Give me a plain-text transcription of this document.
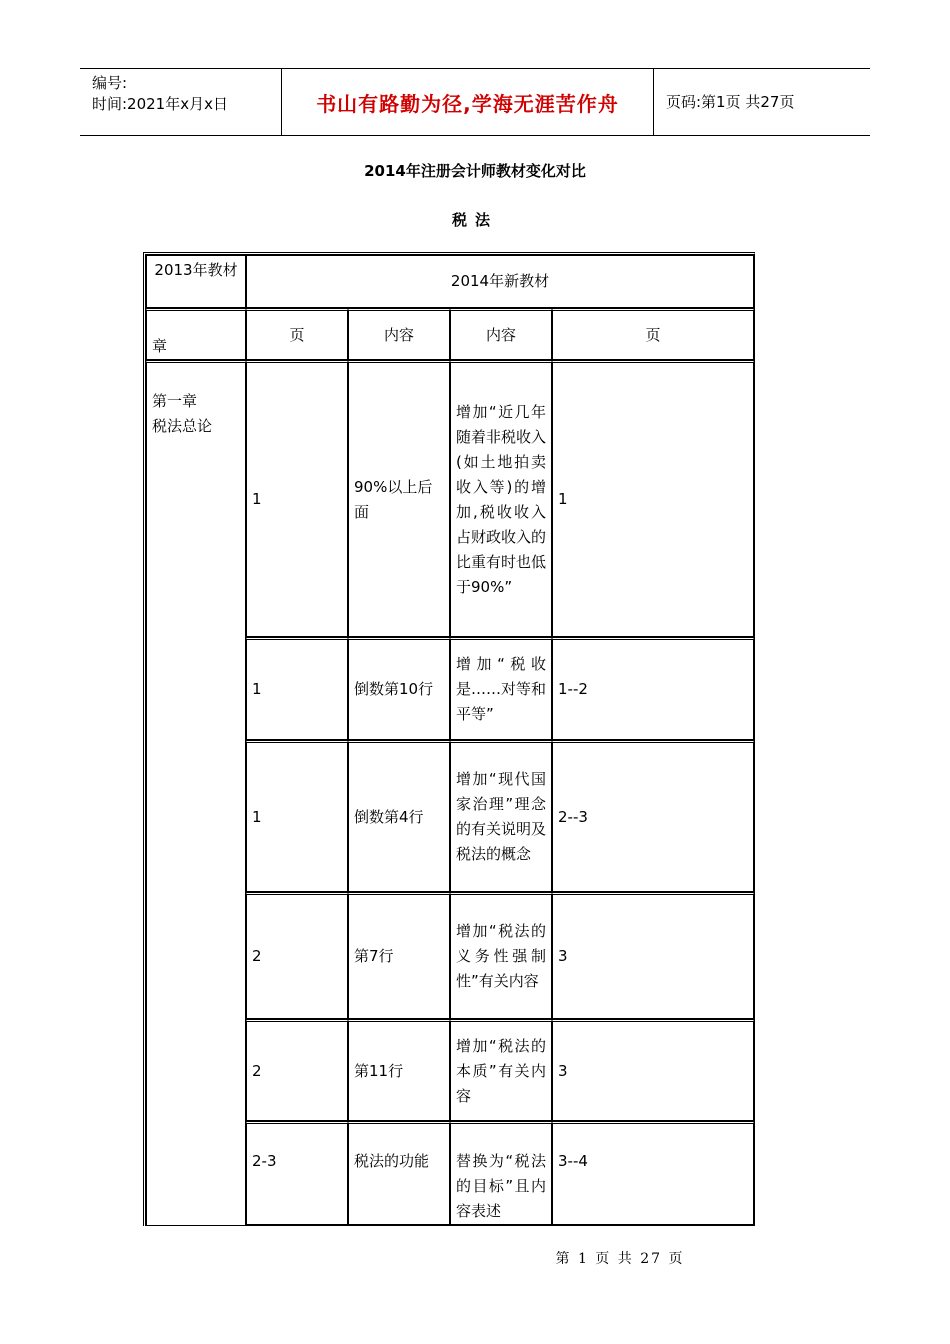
编号:
时间:2021年x月x日	书山有路勤为径,学海无涯苦作舟	页码:第1页 共27页
2014年注册会计师教材变化对比
税法
2013年教材	2014年新教材			
章	页	内容	内容	页
第一章
税法总论	1	90%以上后面	增加“近几年随着非税收入(如土地拍卖收入等)的增加,税收收入占财政收入的比重有时也低于90%”	1
	1	倒数第10行	增加“税收是……对等和平等”	1--2
	1	倒数第4行	增加“现代国家治理”理念的有关说明及税法的概念	2--3
	2	第7行	增加“税法的义务性强制性”有关内容	3
	2	第11行	增加“税法的本质”有关内容	3
	2-3	税法的功能	替换为“税法的目标”且内容表述	3--4
第 1 页 共 27 页
